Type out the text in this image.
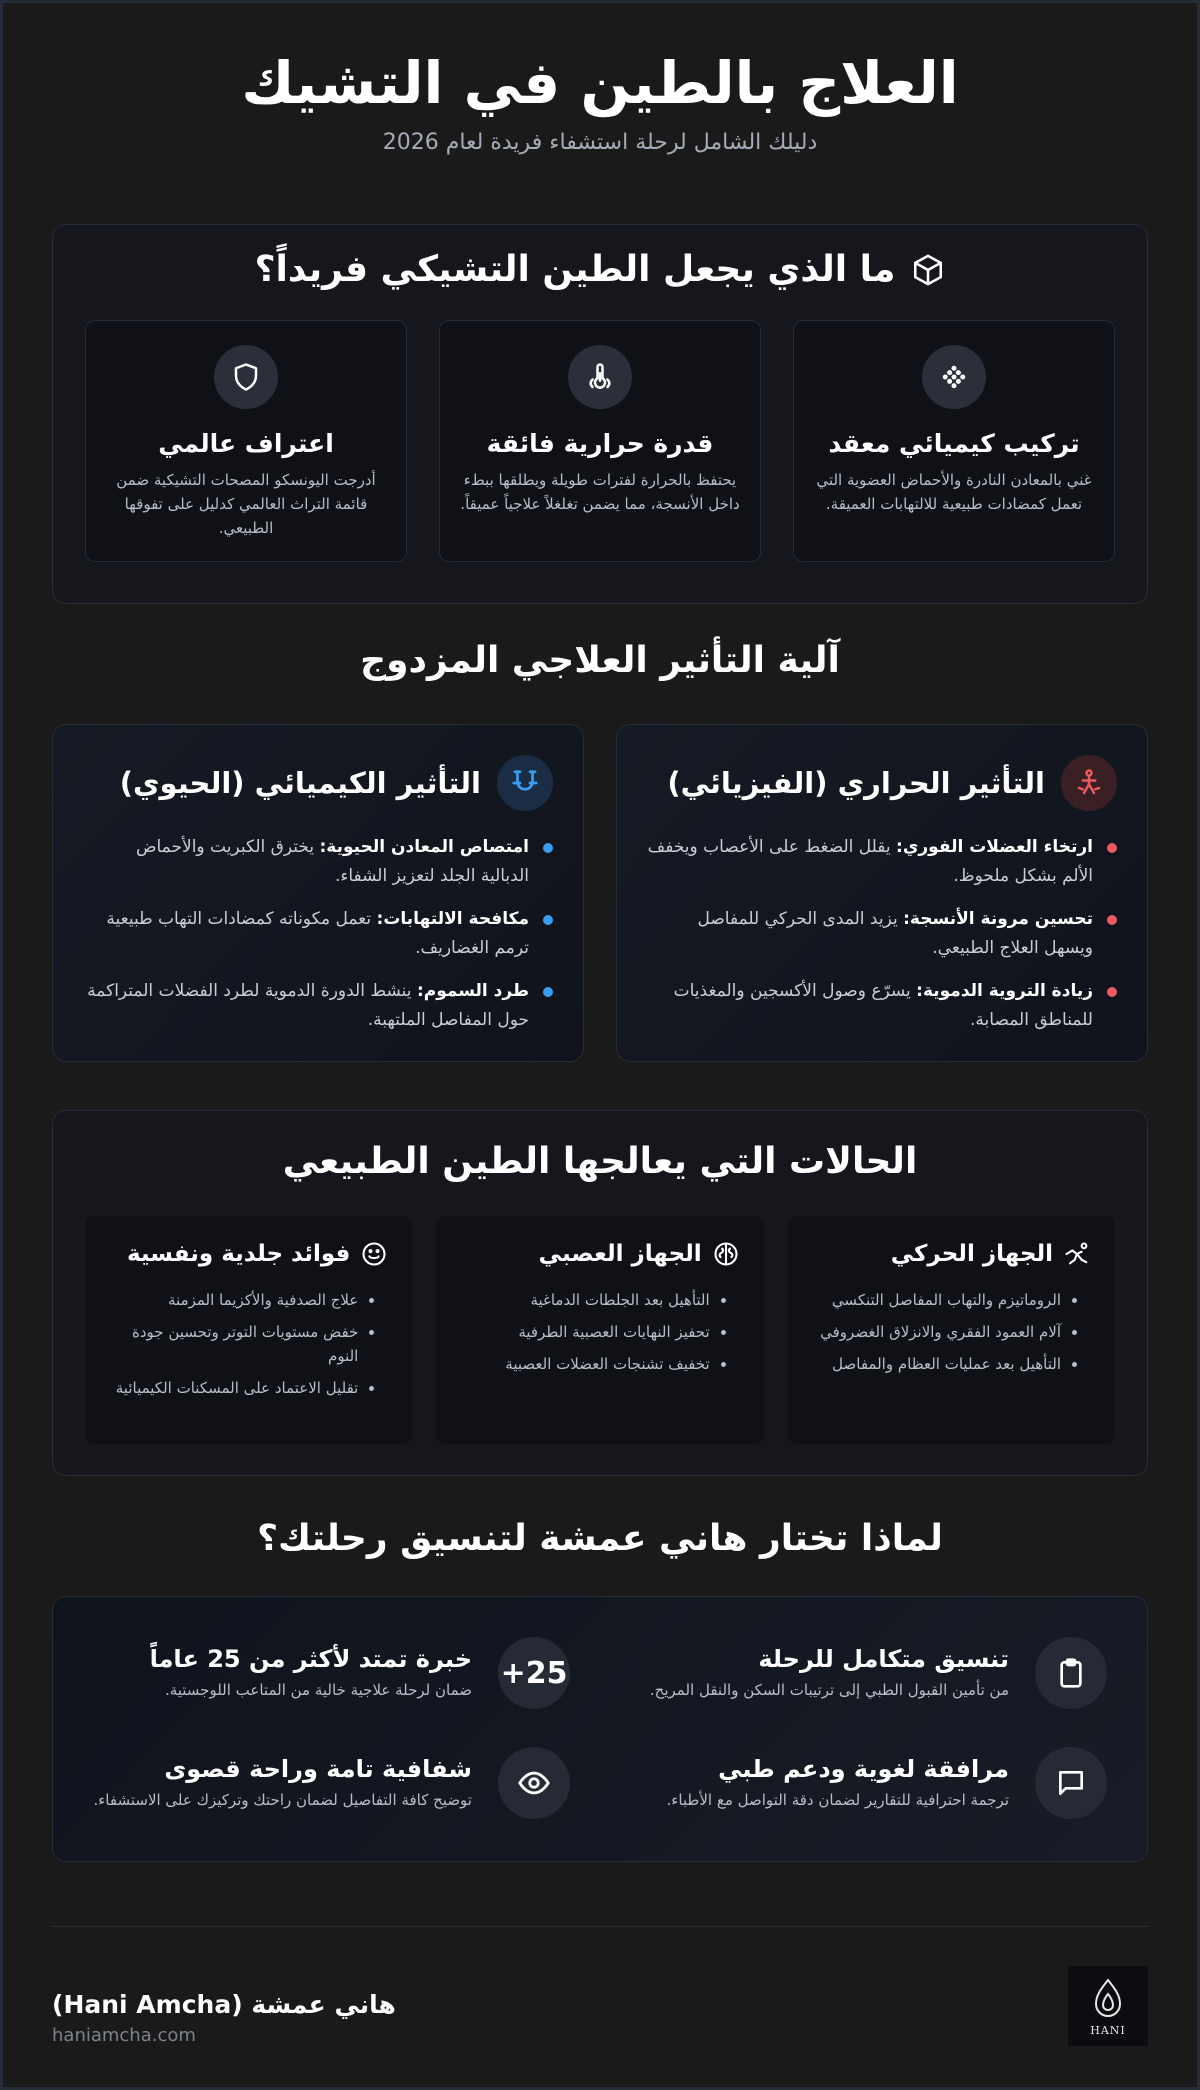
العلاج بالطين في التشيك

دليلك الشامل لرحلة استشفاء فريدة لعام 2026

ما الذي يجعل الطين التشيكي فريداً؟
تركيب كيميائي معقد

غني بالمعادن النادرة والأحماض العضوية التي تعمل كمضادات طبيعية للالتهابات العميقة.

قدرة حرارية فائقة

يحتفظ بالحرارة لفترات طويلة ويطلقها ببطء داخل الأنسجة، مما يضمن تغلغلاً علاجياً عميقاً.

اعتراف عالمي

أدرجت اليونسكو المصحات التشيكية ضمن قائمة التراث العالمي كدليل على تفوقها الطبيعي.

آلية التأثير العلاجي المزدوج
التأثير الحراري (الفيزيائي)
ارتخاء العضلات الفوري: يقلل الضغط على الأعصاب ويخفف الألم بشكل ملحوظ.
تحسين مرونة الأنسجة: يزيد المدى الحركي للمفاصل ويسهل العلاج الطبيعي.
زيادة التروية الدموية: يسرّع وصول الأكسجين والمغذيات للمناطق المصابة.
التأثير الكيميائي (الحيوي)
امتصاص المعادن الحيوية: يخترق الكبريت والأحماض الدبالية الجلد لتعزيز الشفاء.
مكافحة الالتهابات: تعمل مكوناته كمضادات التهاب طبيعية ترمم الغضاريف.
طرد السموم: ينشط الدورة الدموية لطرد الفضلات المتراكمة حول المفاصل الملتهبة.
الحالات التي يعالجها الطين الطبيعي
الجهاز الحركي
• الروماتيزم والتهاب المفاصل التنكسي
• آلام العمود الفقري والانزلاق الغضروفي
• التأهيل بعد عمليات العظام والمفاصل
الجهاز العصبي
• التأهيل بعد الجلطات الدماغية
• تحفيز النهايات العصبية الطرفية
• تخفيف تشنجات العضلات العصبية
فوائد جلدية ونفسية
• علاج الصدفية والأكزيما المزمنة
• خفض مستويات التوتر وتحسين جودة النوم
• تقليل الاعتماد على المسكنات الكيميائية
لماذا تختار هاني عمشة لتنسيق رحلتك؟
تنسيق متكامل للرحلة

من تأمين القبول الطبي إلى ترتيبات السكن والنقل المريح.

25+
خبرة تمتد لأكثر من 25 عاماً

ضمان لرحلة علاجية خالية من المتاعب اللوجستية.

مرافقة لغوية ودعم طبي

ترجمة احترافية للتقارير لضمان دقة التواصل مع الأطباء.

شفافية تامة وراحة قصوى

توضيح كافة التفاصيل لضمان راحتك وتركيزك على الاستشفاء.

HANI
هاني عمشة (Hani Amcha)
haniamcha.com
